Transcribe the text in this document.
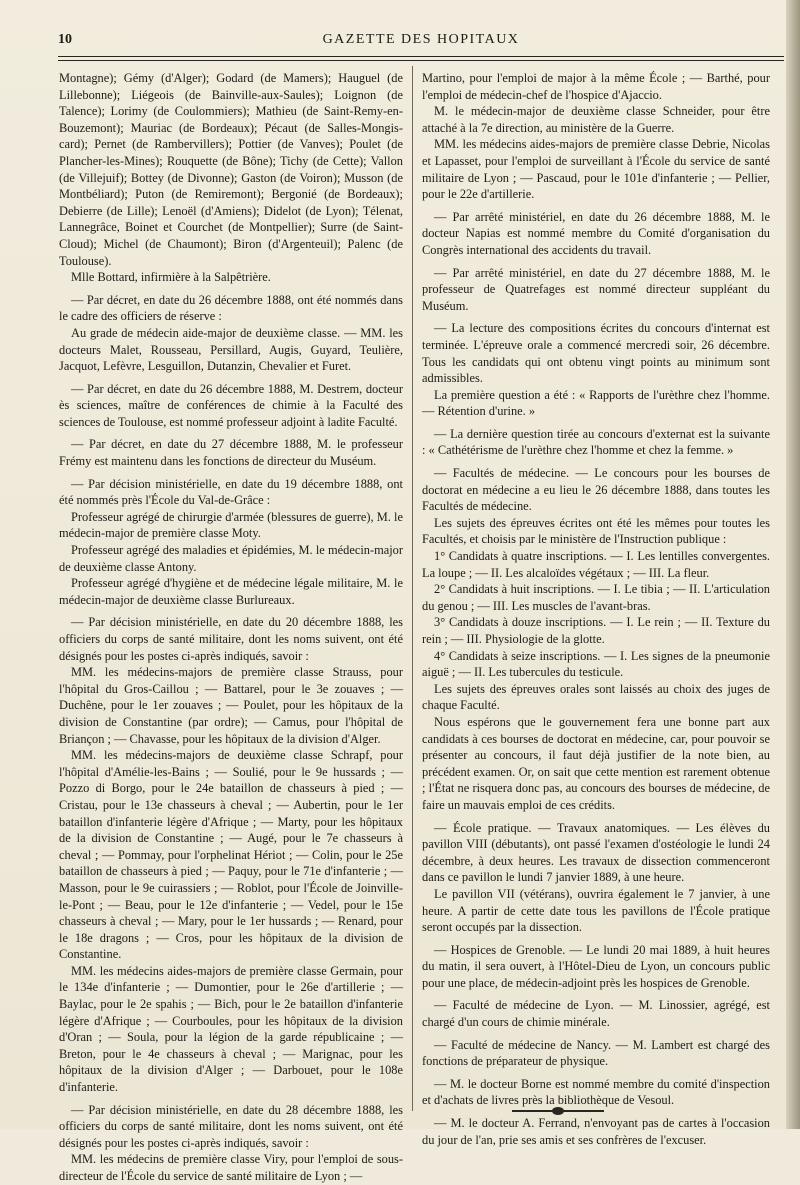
10	GAZETTE DES HOPITAUX

Montagne); Gémy (d'Alger); Godard (de Mamers); Hauguel (de Lillebonne); Liégeois (de Bainville-aux-Saules); Loignon (de Talence); Lorimy (de Coulommiers); Mathieu (de Saint-Remy-en-Bouzemont); Mauriac (de Bordeaux); Pécaut (de Salles-Mongis-card); Pernet (de Rambervillers); Pottier (de Vanves); Poulet (de Plancher-les-Mines); Rouquette (de Bône); Tichy (de Cette); Vallon (de Villejuif); Bottey (de Divonne); Gaston (de Voiron); Musson (de Montbéliard); Puton (de Remiremont); Bergonié (de Bordeaux); Debierre (de Lille); Lenoël (d'Amiens); Didelot (de Lyon); Télenat, Lannegrâce, Boinet et Courchet (de Montpellier); Surre (de Saint-Cloud); Michel (de Chaumont); Biron (d'Argenteuil); Palenc (de Toulouse).

Mlle Bottard, infirmière à la Salpêtrière.

— Par décret, en date du 26 décembre 1888, ont été nommés dans le cadre des officiers de réserve :

Au grade de médecin aide-major de deuxième classe. — MM. les docteurs Malet, Rousseau, Persillard, Augis, Guyard, Teulière, Jacquot, Lefèvre, Lesguillon, Dutanzin, Chevalier et Furet.

— Par décret, en date du 26 décembre 1888, M. Destrem, docteur ès sciences, maître de conférences de chimie à la Faculté des sciences de Toulouse, est nommé professeur adjoint à ladite Faculté.

— Par décret, en date du 27 décembre 1888, M. le professeur Frémy est maintenu dans les fonctions de directeur du Muséum.

— Par décision ministérielle, en date du 19 décembre 1888, ont été nommés près l'École du Val-de-Grâce :

Professeur agrégé de chirurgie d'armée (blessures de guerre), M. le médecin-major de première classe Moty.

Professeur agrégé des maladies et épidémies, M. le médecin-major de deuxième classe Antony.

Professeur agrégé d'hygiène et de médecine légale militaire, M. le médecin-major de deuxième classe Burlureaux.

— Par décision ministérielle, en date du 20 décembre 1888, les officiers du corps de santé militaire, dont les noms suivent, ont été désignés pour les postes ci-après indiqués, savoir :

MM. les médecins-majors de première classe Strauss, pour l'hôpital du Gros-Caillou ; — Battarel, pour le 3e zouaves ; — Duchêne, pour le 1er zouaves ; — Poulet, pour les hôpitaux de la division de Constantine (par ordre); — Camus, pour l'hôpital de Briançon ; — Chavasse, pour les hôpitaux de la division d'Alger.

MM. les médecins-majors de deuxième classe Schrapf, pour l'hôpital d'Amélie-les-Bains ; — Soulié, pour le 9e hussards ; — Pozzo di Borgo, pour le 24e bataillon de chasseurs à pied ; — Cristau, pour le 13e chasseurs à cheval ; — Aubertin, pour le 1er bataillon d'infanterie légère d'Afrique ; — Marty, pour les hôpitaux de la division de Constantine ; — Augé, pour le 7e chasseurs à cheval ; — Pommay, pour l'orphelinat Hériot ; — Colin, pour le 25e bataillon de chasseurs à pied ; — Paquy, pour le 71e d'infanterie ; — Masson, pour le 9e cuirassiers ; — Roblot, pour l'École de Joinville-le-Pont ; — Beau, pour le 12e d'infanterie ; — Vedel, pour le 15e chasseurs à cheval ; — Mary, pour le 1er hussards ; — Renard, pour le 18e dragons ; — Cros, pour les hôpitaux de la division de Constantine.

MM. les médecins aides-majors de première classe Germain, pour le 134e d'infanterie ; — Dumontier, pour le 26e d'artillerie ; — Baylac, pour le 2e spahis ; — Bich, pour le 2e bataillon d'infanterie légère d'Afrique ; — Courboules, pour les hôpitaux de la division d'Oran ; — Soula, pour la légion de la garde républicaine ; — Breton, pour le 4e chasseurs à cheval ; — Marignac, pour les hôpitaux de la division d'Alger ; — Darbouet, pour le 108e d'infanterie.

— Par décision ministérielle, en date du 28 décembre 1888, les officiers du corps de santé militaire, dont les noms suivent, ont été désignés pour les postes ci-après indiqués, savoir :

MM. les médecins de première classe Viry, pour l'emploi de sous-directeur de l'École du service de santé militaire de Lyon ; —

Martino, pour l'emploi de major à la même École ; — Barthé, pour l'emploi de médecin-chef de l'hospice d'Ajaccio.

M. le médecin-major de deuxième classe Schneider, pour être attaché à la 7e direction, au ministère de la Guerre.

MM. les médecins aides-majors de première classe Debrie, Nicolas et Lapasset, pour l'emploi de surveillant à l'École du service de santé militaire de Lyon ; — Pascaud, pour le 101e d'infanterie ; — Pellier, pour le 22e d'artillerie.

— Par arrêté ministériel, en date du 26 décembre 1888, M. le docteur Napias est nommé membre du Comité d'organisation du Congrès international des accidents du travail.

— Par arrêté ministériel, en date du 27 décembre 1888, M. le professeur de Quatrefages est nommé directeur suppléant du Muséum.

— La lecture des compositions écrites du concours d'internat est terminée. L'épreuve orale a commencé mercredi soir, 26 décembre. Tous les candidats qui ont obtenu vingt points au minimum sont admissibles.

La première question a été : « Rapports de l'urèthre chez l'homme. — Rétention d'urine. »

— La dernière question tirée au concours d'externat est la suivante : « Cathétérisme de l'urèthre chez l'homme et chez la femme. »

— Facultés de médecine. — Le concours pour les bourses de doctorat en médecine a eu lieu le 26 décembre 1888, dans toutes les Facultés de médecine.

Les sujets des épreuves écrites ont été les mêmes pour toutes les Facultés, et choisis par le ministère de l'Instruction publique :

1° Candidats à quatre inscriptions. — I. Les lentilles convergentes. La loupe ; — II. Les alcaloïdes végétaux ; — III. La fleur.

2° Candidats à huit inscriptions. — I. Le tibia ; — II. L'articulation du genou ; — III. Les muscles de l'avant-bras.

3° Candidats à douze inscriptions. — I. Le rein ; — II. Texture du rein ; — III. Physiologie de la glotte.

4° Candidats à seize inscriptions. — I. Les signes de la pneumonie aiguë ; — II. Les tubercules du testicule.

Les sujets des épreuves orales sont laissés au choix des juges de chaque Faculté.

Nous espérons que le gouvernement fera une bonne part aux candidats à ces bourses de doctorat en médecine, car, pour pouvoir se présenter au concours, il faut déjà justifier de la note bien, au précédent examen. Or, on sait que cette mention est rarement obtenue ; l'État ne risquera donc pas, au concours des bourses de médecine, de faire un mauvais emploi de ces crédits.

— École pratique. — Travaux anatomiques. — Les élèves du pavillon VIII (débutants), ont passé l'examen d'ostéologie le lundi 24 décembre, à deux heures. Les travaux de dissection commenceront dans ce pavillon le lundi 7 janvier 1889, à une heure.

Le pavillon VII (vétérans), ouvrira également le 7 janvier, à une heure. A partir de cette date tous les pavillons de l'École pratique seront occupés par la dissection.

— Hospices de Grenoble. — Le lundi 20 mai 1889, à huit heures du matin, il sera ouvert, à l'Hôtel-Dieu de Lyon, un concours public pour une place, de médecin-adjoint près les hospices de Grenoble.

— Faculté de médecine de Lyon. — M. Linossier, agrégé, est chargé d'un cours de chimie minérale.

— Faculté de médecine de Nancy. — M. Lambert est chargé des fonctions de préparateur de physique.

— M. le docteur Borne est nommé membre du comité d'inspection et d'achats de livres près la bibliothèque de Vesoul.

— M. le docteur A. Ferrand, n'envoyant pas de cartes à l'occasion du jour de l'an, prie ses amis et ses confrères de l'excuser.
